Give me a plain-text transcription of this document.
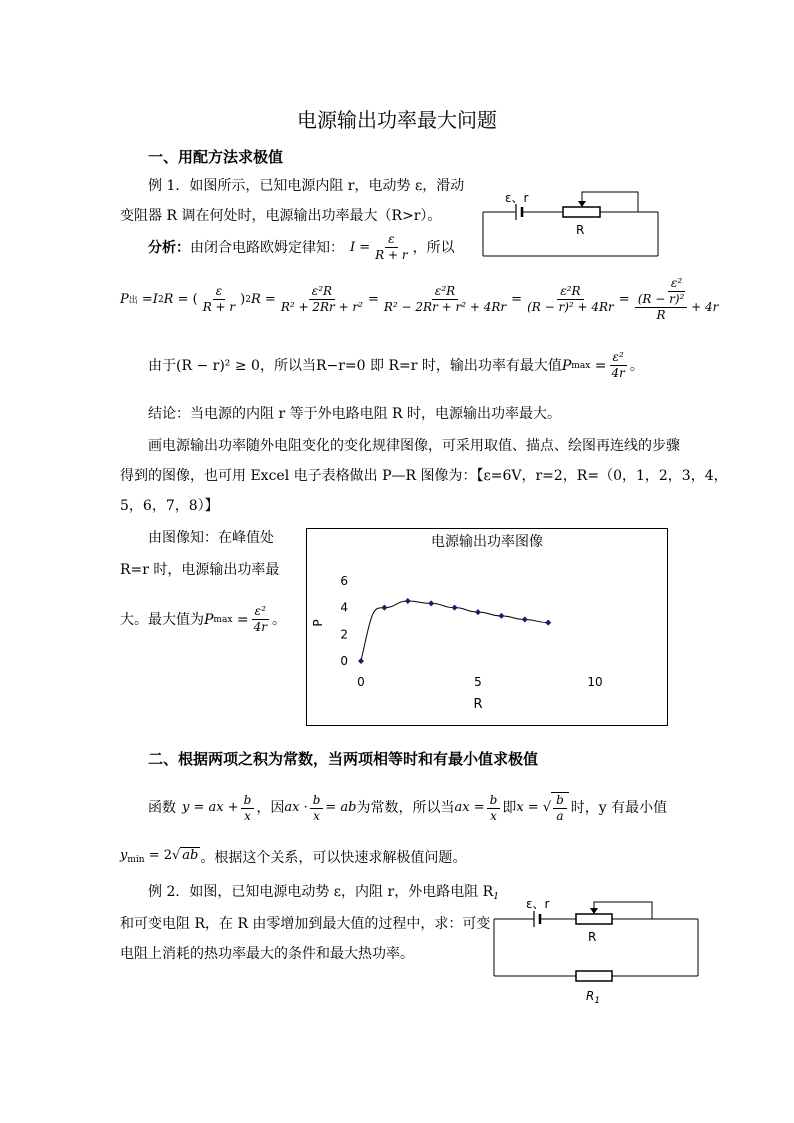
电源输出功率最大问题
一、用配方法求极值
例 1．如图所示，已知电源内阻 r，电动势 ε，滑动
变阻器 R 调在何处时，电源输出功率最大（R>r）。
ε、r
R
分析： 由闭合电路欧姆定律知： $I = \frac{\varepsilon}{R + r}$ ，所以
P 出 = I 2 R = ( $\frac{\varepsilon}{R + r}$ ) 2 $R = \frac{\text{ε²R}}{\text{R² + 2Rr + r²}} = \frac{\text{ε²R}}{\text{R² − 2Rr + r² + 4Rr}} = \frac{\text{ε²R}}{\text{(R − r)² + 4Rr}} = \frac{\text{ε²}}{\frac{\text{(R − r)²}}{R} + 4r}$
由于(R − r)² ≥ 0，所以当 R−r=0 即 R=r 时，输出功率有最大值 P $\max = \frac{\text{ε²}}{4r}$ 。
结论：当电源的内阻 r 等于外电路电阻 R 时，电源输出功率最大。
画电源输出功率随外电阻变化的变化规律图像，可采用取值、描点、绘图再连线的步骤
得到的图像，也可用 Excel 电子表格做出 P—R 图像为：【ε=6V，r=2，R=（0，1，2，3，4，
5，6，7，8）】
由图像知：在峰值处
R=r 时，电源输出功率最
大。最大值为 P $\max = \frac{\text{ε²}}{4r}$ 。
电源输出功率图像
P
R
0
2
4
6
0	5	10
二、根据两项之积为常数，当两项相等时和有最小值求极值
函数 y = ax + $\frac{b}{x}$ ，因 ax · $\frac{b}{x}$ = ab 为常数，所以当 ax = $\frac{b}{x}$ 即 x = √ $\frac{b}{a}$ 时，y 有最小值
$y_{min} = 2√$ ab 。根据这个关系，可以快速求解极值问题。
例 2．如图，已知电源电动势 ε，内阻 r，外电路电阻 $R_1$
和可变电阻 R，在 R 由零增加到最大值的过程中，求：可变
电阻上消耗的热功率最大的条件和最大热功率。
ε、r
R
$R_1$
